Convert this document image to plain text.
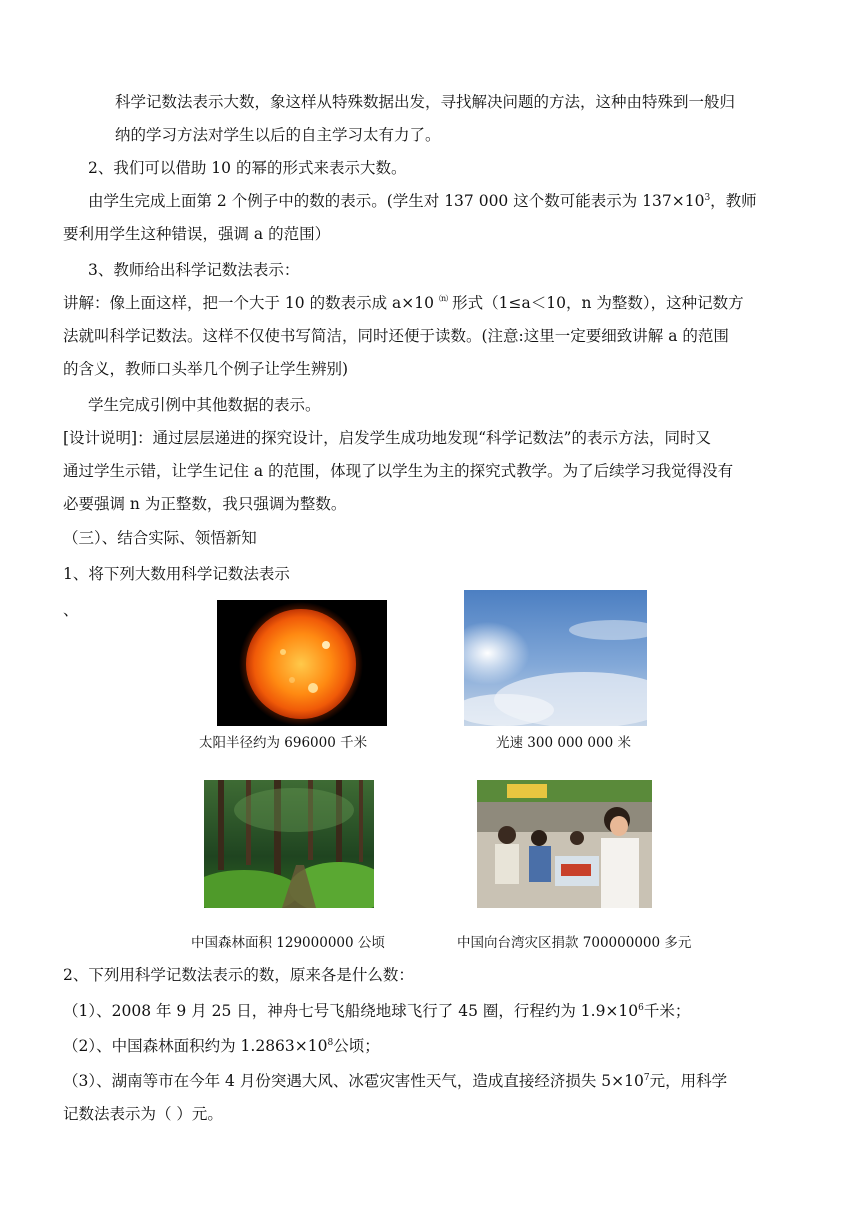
科学记数法表示大数，象这样从特殊数据出发，寻找解决问题的方法，这种由特殊到一般归
纳的学习方法对学生以后的自主学习太有力了。
2、我们可以借助 10 的幂的形式来表示大数。
由学生完成上面第 2 个例子中的数的表示。(学生对 137 000 这个数可能表示为 $137\times 10^3$，教师
要利用学生这种错误，强调 a 的范围）
3、教师给出科学记数法表示：
讲解：像上面这样，把一个大于 10 的数表示成 $a\times 10^{(n)}$形式（1≤a＜10，n 为整数），这种记数方
法就叫科学记数法。这样不仅使书写简洁，同时还便于读数。(注意:这里一定要细致讲解 a 的范围
的含义，教师口头举几个例子让学生辨别)
学生完成引例中其他数据的表示。
[设计说明]：通过层层递进的探究设计，启发学生成功地发现“科学记数法”的表示方法，同时又
通过学生示错，让学生记住 a 的范围，体现了以学生为主的探究式教学。为了后续学习我觉得没有
必要强调 n 为正整数，我只强调为整数。
（三）、结合实际、领悟新知
1、将下列大数用科学记数法表示
、
太阳半径约为 696000 千米	光速 300 000 000 米
中国森林面积 129000000 公顷	中国向台湾灾区捐款 700000000 多元
2、下列用科学记数法表示的数，原来各是什么数：
（1）、2008 年 9 月 25 日，神舟七号飞船绕地球飞行了 45 圈，行程约为 $1.9\times 10^6$千米；
（2）、中国森林面积约为 $1.2863\times 10^8$公顷；
（3）、湖南等市在今年 4 月份突遇大风、冰雹灾害性天气，造成直接经济损失 $5\times 10^7$元，用科学
记数法表示为（ ）元。
